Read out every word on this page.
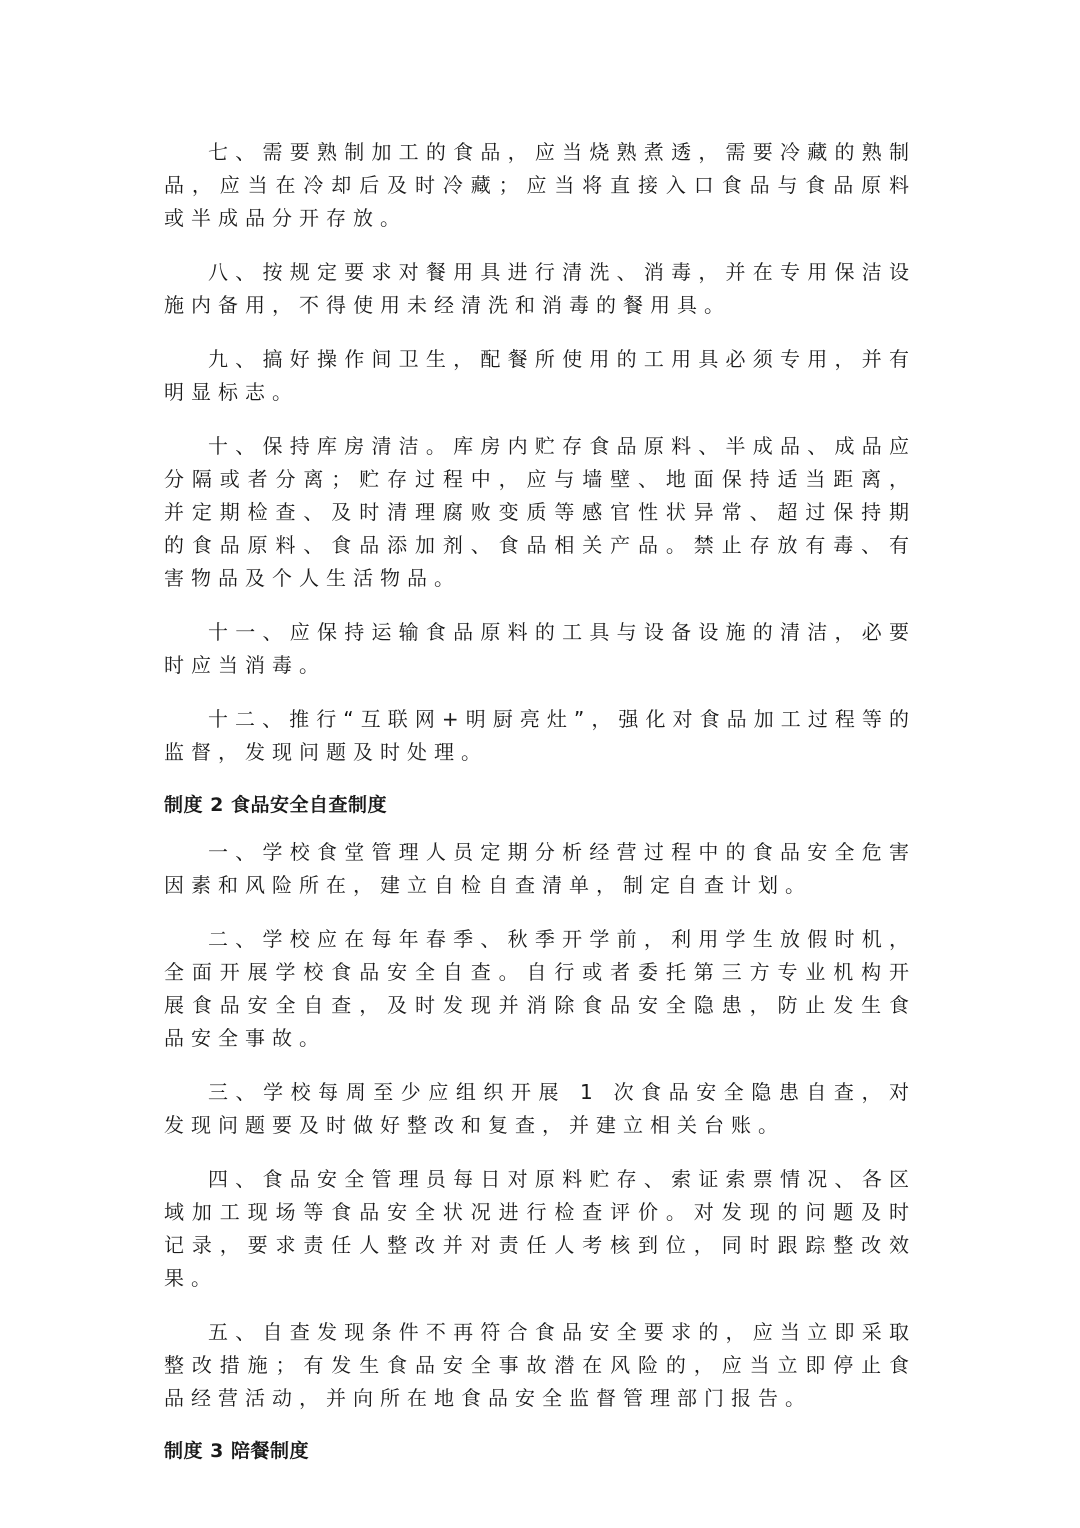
七、需要熟制加工的食品，应当烧熟煮透，需要冷藏的熟制品，应当在冷却后及时冷藏；应当将直接入口食品与食品原料或半成品分开存放。

八、按规定要求对餐用具进行清洗、消毒，并在专用保洁设施内备用，不得使用未经清洗和消毒的餐用具。

九、搞好操作间卫生，配餐所使用的工用具必须专用，并有明显标志。

十、保持库房清洁。库房内贮存食品原料、半成品、成品应分隔或者分离；贮存过程中，应与墙壁、地面保持适当距离，并定期检查、及时清理腐败变质等感官性状异常、超过保持期的食品原料、食品添加剂、食品相关产品。禁止存放有毒、有害物品及个人生活物品。

十一、应保持运输食品原料的工具与设备设施的清洁，必要时应当消毒。

十二、推行“互联网+明厨亮灶”，强化对食品加工过程等的监督，发现问题及时处理。

制度 2 食品安全自查制度

一、学校食堂管理人员定期分析经营过程中的食品安全危害因素和风险所在，建立自检自查清单，制定自查计划。

二、学校应在每年春季、秋季开学前，利用学生放假时机，全面开展学校食品安全自查。自行或者委托第三方专业机构开展食品安全自查，及时发现并消除食品安全隐患，防止发生食品安全事故。

三、学校每周至少应组织开展 1 次食品安全隐患自查，对发现问题要及时做好整改和复查，并建立相关台账。

四、食品安全管理员每日对原料贮存、索证索票情况、各区域加工现场等食品安全状况进行检查评价。对发现的问题及时记录，要求责任人整改并对责任人考核到位，同时跟踪整改效果。

五、自查发现条件不再符合食品安全要求的，应当立即采取整改措施；有发生食品安全事故潜在风险的，应当立即停止食品经营活动，并向所在地食品安全监督管理部门报告。

制度 3 陪餐制度
